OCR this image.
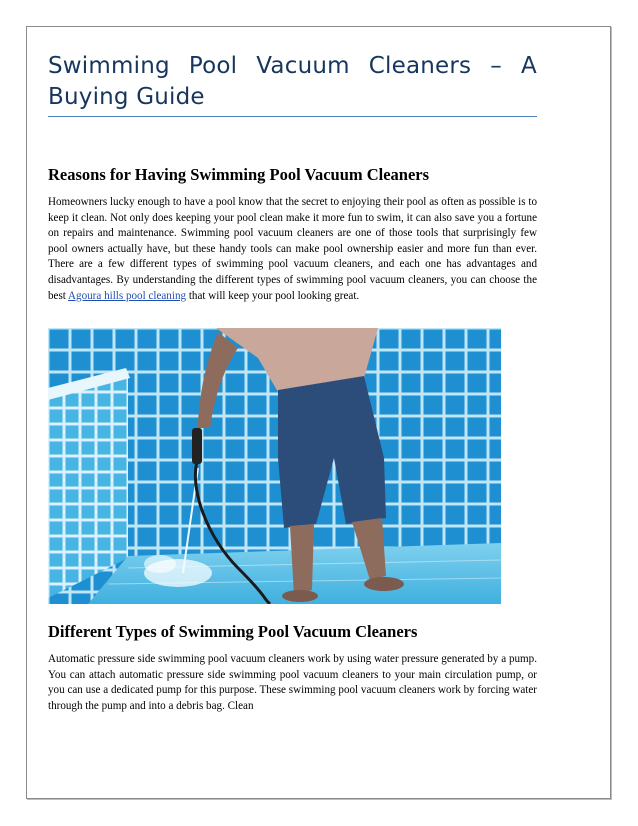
Swimming Pool Vacuum Cleaners – A Buying Guide
Reasons for Having Swimming Pool Vacuum Cleaners

Homeowners lucky enough to have a pool know that the secret to enjoying their pool as often as possible is to keep it clean. Not only does keeping your pool clean make it more fun to swim, it can also save you a fortune on repairs and maintenance. Swimming pool vacuum cleaners are one of those tools that surprisingly few pool owners actually have, but these handy tools can make pool ownership easier and more fun than ever. There are a few different types of swimming pool vacuum cleaners, and each one has advantages and disadvantages. By understanding the different types of swimming pool vacuum cleaners, you can choose the best Agoura hills pool cleaning that will keep your pool looking great.

Different Types of Swimming Pool Vacuum Cleaners

Automatic pressure side swimming pool vacuum cleaners work by using water pressure generated by a pump. You can attach automatic pressure side swimming pool vacuum cleaners to your main circulation pump, or you can use a dedicated pump for this purpose. These swimming pool vacuum cleaners work by forcing water through the pump and into a debris bag. Clean
